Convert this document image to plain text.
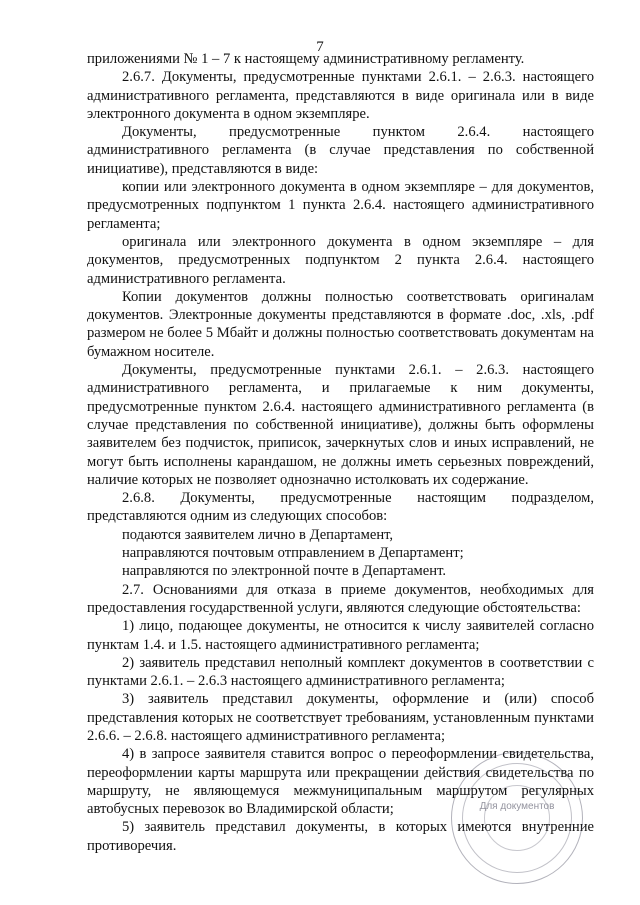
7

приложениями № 1 – 7 к настоящему административному регламенту.

2.6.7. Документы, предусмотренные пунктами 2.6.1. – 2.6.3. настоящего административного регламента, представляются в виде оригинала или в виде электронного документа в одном экземпляре.

Документы, предусмотренные пунктом 2.6.4. настоящего административного регламента (в случае представления по собственной инициативе), представляются в виде:

копии или электронного документа в одном экземпляре – для документов, предусмотренных подпунктом 1 пункта 2.6.4. настоящего административного регламента;

оригинала или электронного документа в одном экземпляре – для документов, предусмотренных подпунктом 2 пункта 2.6.4. настоящего административного регламента.

Копии документов должны полностью соответствовать оригиналам документов. Электронные документы представляются в формате .doc, .xls, .pdf размером не более 5 Мбайт и должны полностью соответствовать документам на бумажном носителе.

Документы, предусмотренные пунктами 2.6.1. – 2.6.3. настоящего административного регламента, и прилагаемые к ним документы, предусмотренные пунктом 2.6.4. настоящего административного регламента (в случае представления по собственной инициативе), должны быть оформлены заявителем без подчисток, приписок, зачеркнутых слов и иных исправлений, не могут быть исполнены карандашом, не должны иметь серьезных повреждений, наличие которых не позволяет однозначно истолковать их содержание.

2.6.8. Документы, предусмотренные настоящим подразделом, представляются одним из следующих способов:

подаются заявителем лично в Департамент,

направляются почтовым отправлением в Департамент;

направляются по электронной почте в Департамент.

2.7. Основаниями для отказа в приеме документов, необходимых для предоставления государственной услуги, являются следующие обстоятельства:

1) лицо, подающее документы, не относится к числу заявителей согласно пунктам 1.4. и 1.5. настоящего административного регламента;

2) заявитель представил неполный комплект документов в соответствии с пунктами 2.6.1. – 2.6.3 настоящего административного регламента;

3) заявитель представил документы, оформление и (или) способ представления которых не соответствует требованиям, установленным пунктами 2.6.6. – 2.6.8. настоящего административного регламента;

4) в запросе заявителя ставится вопрос о переоформлении свидетельства, переоформлении карты маршрута или прекращении действия свидетельства по маршруту, не являющемуся межмуниципальным маршрутом регулярных автобусных перевозок во Владимирской области;

5) заявитель представил документы, в которых имеются внутренние противоречия.

Для документов
